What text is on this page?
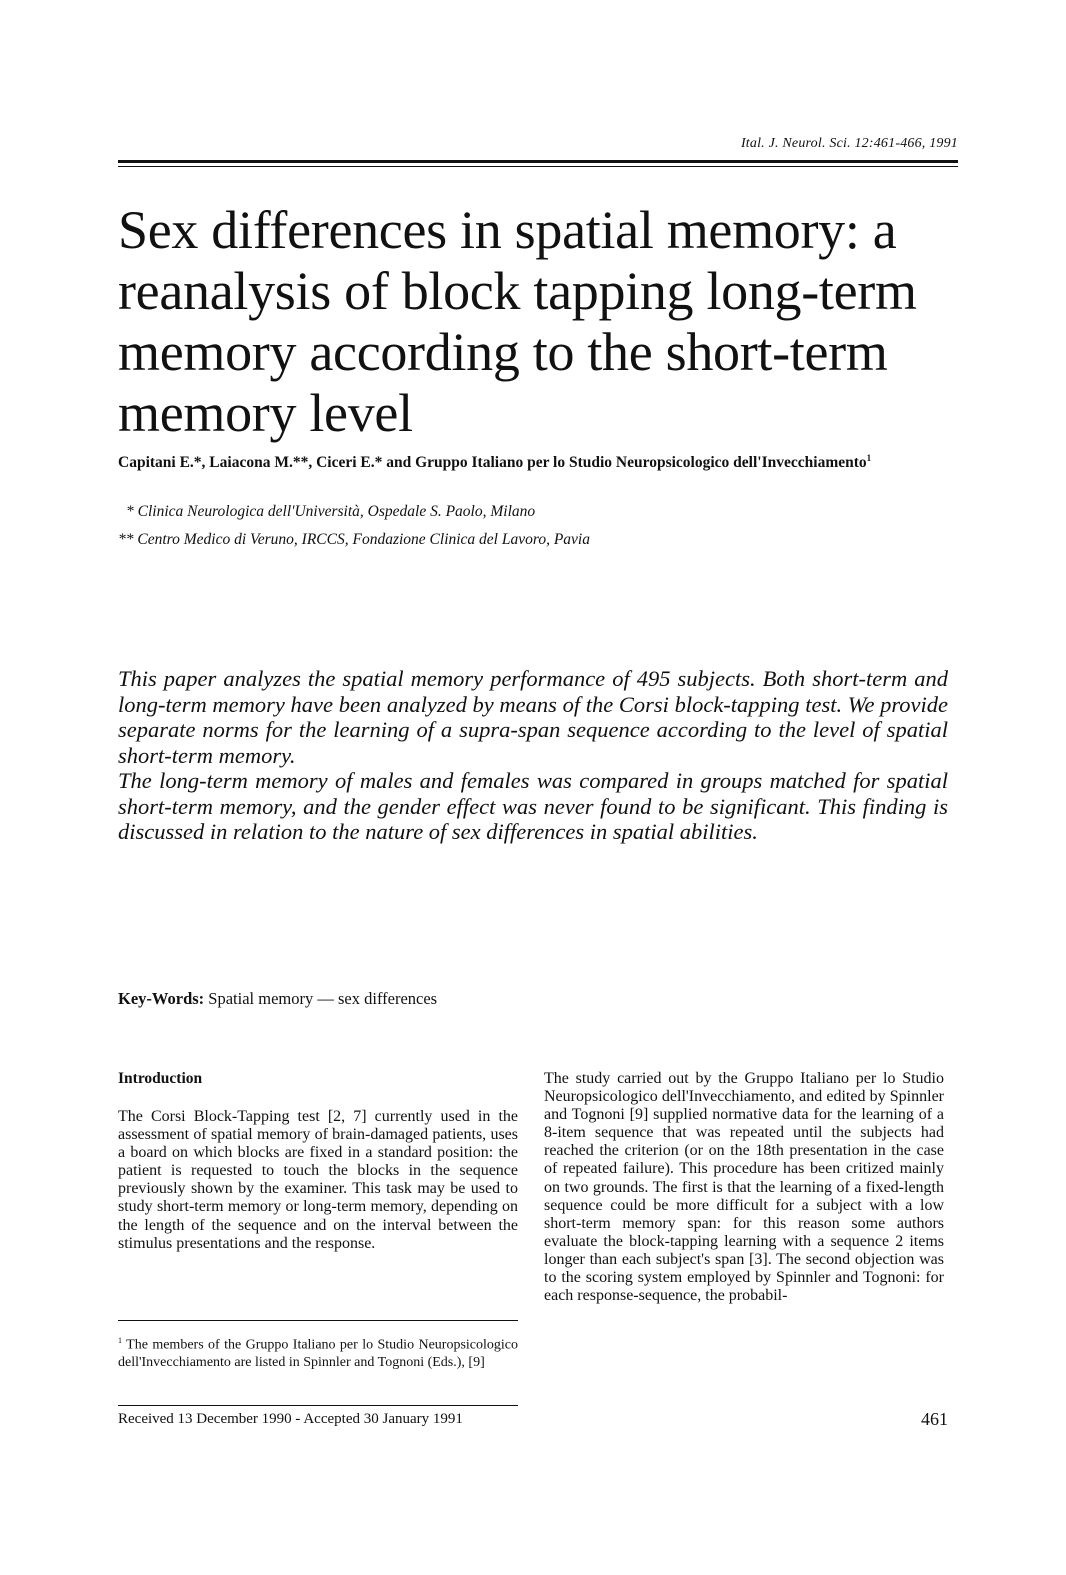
Ital. J. Neurol. Sci. 12:461-466, 1991
Sex differences in spatial memory: a reanalysis of block tapping long-term memory according to the short-term memory level
Capitani E.*, Laiacona M.**, Ciceri E.* and Gruppo Italiano per lo Studio Neuropsicologico dell'Invecchiamento$^1$
* Clinica Neurologica dell'Università, Ospedale S. Paolo, Milano
** Centro Medico di Veruno, IRCCS, Fondazione Clinica del Lavoro, Pavia

This paper analyzes the spatial memory performance of 495 subjects. Both short-term and long-term memory have been analyzed by means of the Corsi block-tapping test. We provide separate norms for the learning of a supra-span sequence according to the level of spatial short-term memory.

The long-term memory of males and females was compared in groups matched for spatial short-term memory, and the gender effect was never found to be significant. This finding is discussed in relation to the nature of sex differences in spatial abilities.

Key-Words: Spatial memory — sex differences
Introduction

The Corsi Block-Tapping test [2, 7] currently used in the assessment of spatial memory of brain-damaged patients, uses a board on which blocks are fixed in a standard position: the patient is requested to touch the blocks in the sequence previously shown by the examiner. This task may be used to study short-term memory or long-term memory, depending on the length of the sequence and on the interval between the stimulus presentations and the response.

The study carried out by the Gruppo Italiano per lo Studio Neuropsicologico dell'Invecchiamento, and edited by Spinnler and Tognoni [9] supplied normative data for the learning of a 8-item sequence that was repeated until the subjects had reached the criterion (or on the 18th presentation in the case of repeated failure). This procedure has been critized mainly on two grounds. The first is that the learning of a fixed-length sequence could be more difficult for a subject with a low short-term memory span: for this reason some authors evaluate the block-tapping learning with a sequence 2 items longer than each subject's span [3]. The second objection was to the scoring system employed by Spinnler and Tognoni: for each response-sequence, the probabil-

$^1$ The members of the Gruppo Italiano per lo Studio Neuropsicologico dell'Invecchiamento are listed in Spinnler and Tognoni (Eds.), [9]

Received 13 December 1990 - Accepted 30 January 1991	461
